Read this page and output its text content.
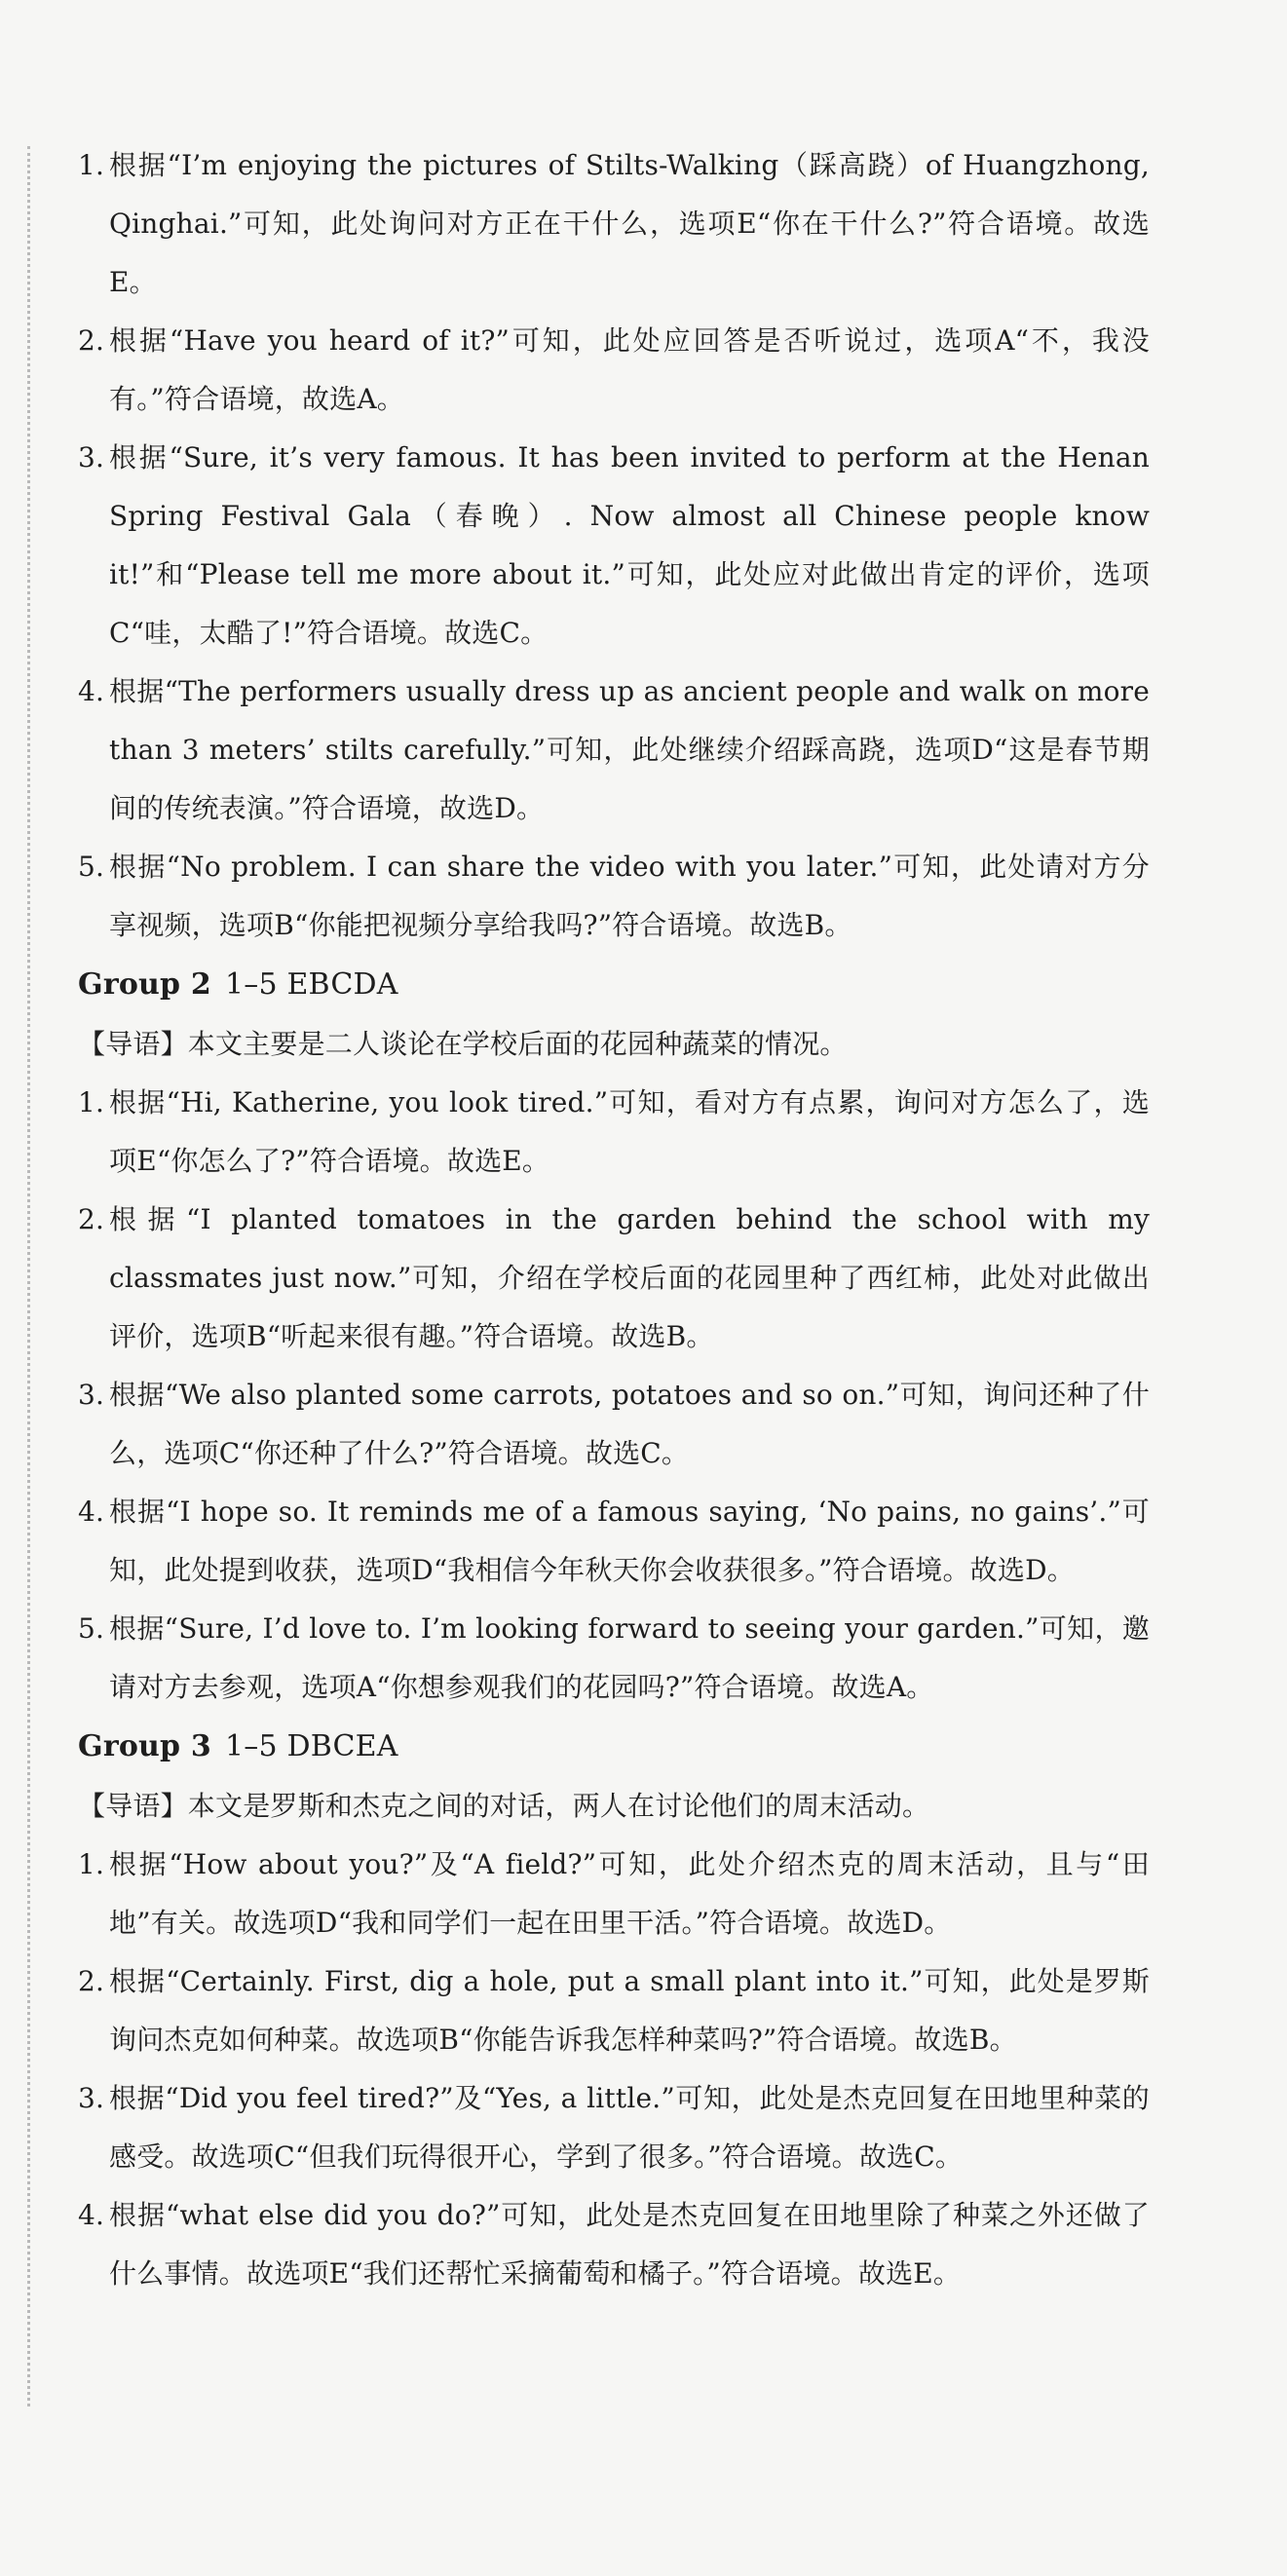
1. 根据“I’m enjoying the pictures of Stilts-Walking（踩高跷）of Huangzhong, Qinghai.”可知，此处询问对方正在干什么，选项E“你在干什么?”符合语境。故选E。
2. 根据“Have you heard of it?”可知，此处应回答是否听说过，选项A“不，我没有。”符合语境，故选A。
3. 根据“Sure, it’s very famous. It has been invited to perform at the Henan Spring Festival Gala（春晚）. Now almost all Chinese people know it!”和“Please tell me more about it.”可知，此处应对此做出肯定的评价，选项C“哇，太酷了!”符合语境。故选C。
4. 根据“The performers usually dress up as ancient people and walk on more than 3 meters’ stilts carefully.”可知，此处继续介绍踩高跷，选项D“这是春节期间的传统表演。”符合语境，故选D。
5. 根据“No problem. I can share the video with you later.”可知，此处请对方分享视频，选项B“你能把视频分享给我吗?”符合语境。故选B。
Group 2 1–5 EBCDA
【导语】本文主要是二人谈论在学校后面的花园种蔬菜的情况。
1. 根据“Hi, Katherine, you look tired.”可知，看对方有点累，询问对方怎么了，选项E“你怎么了?”符合语境。故选E。
2. 根据“I planted tomatoes in the garden behind the school with my classmates just now.”可知，介绍在学校后面的花园里种了西红柿，此处对此做出评价，选项B“听起来很有趣。”符合语境。故选B。
3. 根据“We also planted some carrots, potatoes and so on.”可知，询问还种了什么，选项C“你还种了什么?”符合语境。故选C。
4. 根据“I hope so. It reminds me of a famous saying, ‘No pains, no gains’.”可知，此处提到收获，选项D“我相信今年秋天你会收获很多。”符合语境。故选D。
5. 根据“Sure, I’d love to. I’m looking forward to seeing your garden.”可知，邀请对方去参观，选项A“你想参观我们的花园吗?”符合语境。故选A。
Group 3 1–5 DBCEA
【导语】本文是罗斯和杰克之间的对话，两人在讨论他们的周末活动。
1. 根据“How about you?”及“A field?”可知，此处介绍杰克的周末活动，且与“田地”有关。故选项D“我和同学们一起在田里干活。”符合语境。故选D。
2. 根据“Certainly. First, dig a hole, put a small plant into it.”可知，此处是罗斯询问杰克如何种菜。故选项B“你能告诉我怎样种菜吗?”符合语境。故选B。
3. 根据“Did you feel tired?”及“Yes, a little.”可知，此处是杰克回复在田地里种菜的感受。故选项C“但我们玩得很开心，学到了很多。”符合语境。故选C。
4. 根据“what else did you do?”可知，此处是杰克回复在田地里除了种菜之外还做了什么事情。故选项E“我们还帮忙采摘葡萄和橘子。”符合语境。故选E。
